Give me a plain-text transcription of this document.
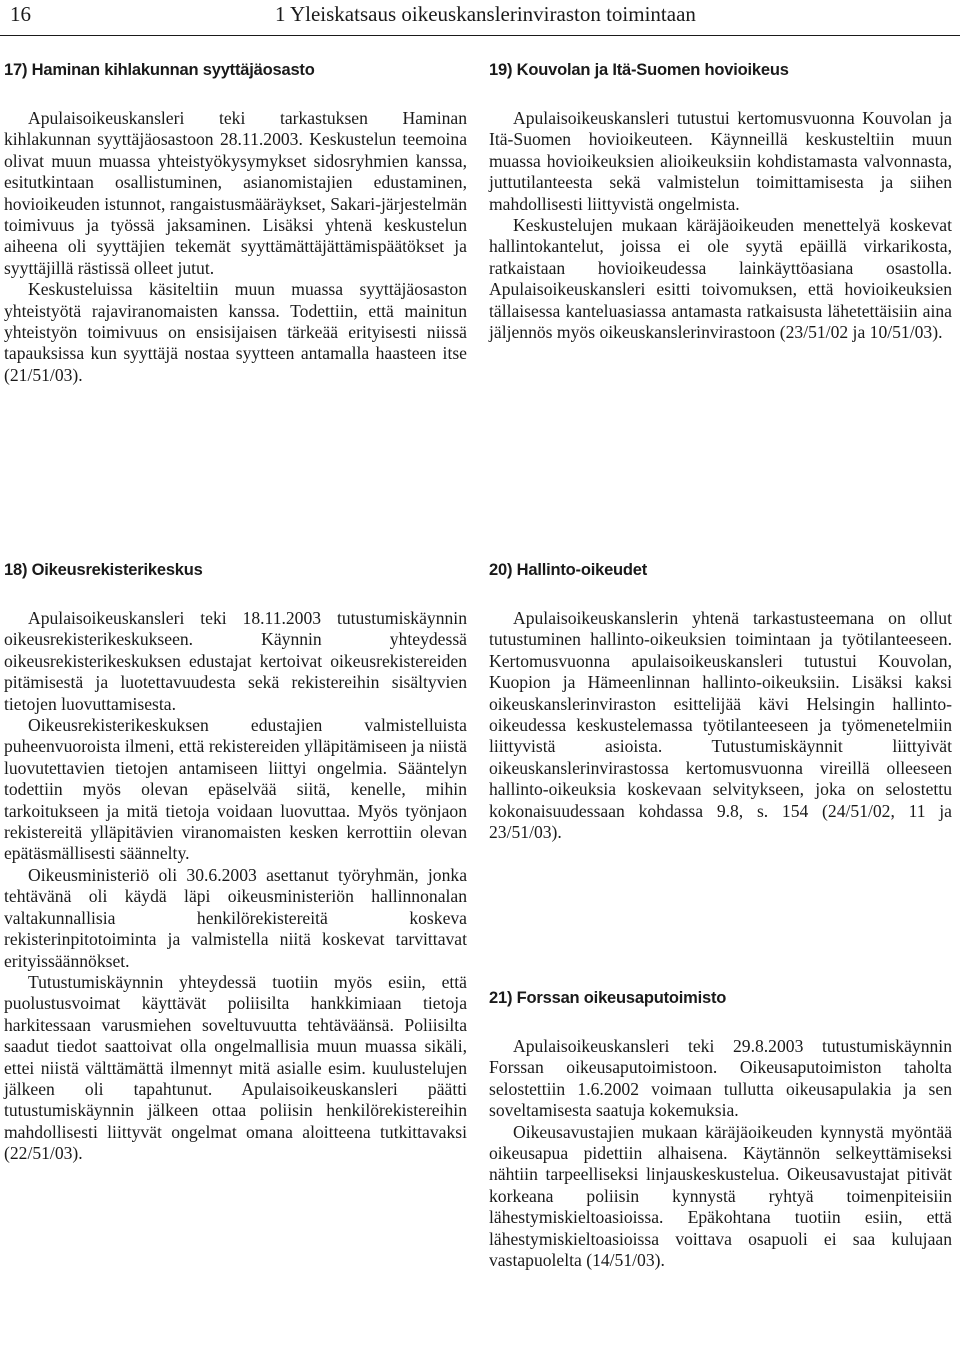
16	1 Yleiskatsaus oikeuskanslerinviraston toimintaan
17) Haminan kihlakunnan syyttäjäosasto

Apulaisoikeuskansleri teki tarkastuksen Haminan kihlakunnan syyttäjäosastoon 28.11.2003. Keskustelun teemoina olivat muun muassa yhteistyökysymykset sidosryhmien kanssa, esitutkintaan osallistuminen, asianomistajien edustaminen, hovioikeuden istunnot, rangaistusmääräykset, Sakari-järjestelmän toimivuus ja työssä jaksaminen. Lisäksi yhtenä keskustelun aiheena oli syyttäjien tekemät syyttämättäjättämispäätökset ja syyttäjillä rästissä olleet jutut.

Keskusteluissa käsiteltiin muun muassa syyttäjäosaston yhteistyötä rajaviranomaisten kanssa. Todettiin, että mainitun yhteistyön toimivuus on ensisijaisen tärkeää erityisesti niissä tapauksissa kun syyttäjä nostaa syytteen antamalla haasteen itse (21/51/03).

19) Kouvolan ja Itä-Suomen hovioikeus

Apulaisoikeuskansleri tutustui kertomusvuonna Kouvolan ja Itä-Suomen hovioikeuteen. Käynneillä keskusteltiin muun muassa hovioikeuksien alioikeuksiin kohdistamasta valvonnasta, juttutilanteesta sekä valmistelun toimittamisesta ja siihen mahdollisesti liittyvistä ongelmista.

Keskustelujen mukaan käräjäoikeuden menettelyä koskevat hallintokantelut, joissa ei ole syytä epäillä virkarikosta, ratkaistaan hovioikeudessa lainkäyttöasiana osastolla. Apulaisoikeuskansleri esitti toivomuksen, että hovioikeuksien tällaisessa kanteluasiassa antamasta ratkaisusta lähetettäisiin aina jäljennös myös oikeuskanslerinvirastoon (23/51/02 ja 10/51/03).

18) Oikeusrekisterikeskus

Apulaisoikeuskansleri teki 18.11.2003 tutustumiskäynnin oikeusrekisterikeskukseen. Käynnin yhteydessä oikeusrekisterikeskuksen edustajat kertoivat oikeusrekistereiden pitämisestä ja luotettavuudesta sekä rekistereihin sisältyvien tietojen luovuttamisesta.

Oikeusrekisterikeskuksen edustajien valmistelluista puheenvuoroista ilmeni, että rekistereiden ylläpitämiseen ja niistä luovutettavien tietojen antamiseen liittyi ongelmia. Sääntelyn todettiin myös olevan epäselvää siitä, kenelle, mihin tarkoitukseen ja mitä tietoja voidaan luovuttaa. Myös työnjaon rekistereitä ylläpitävien viranomaisten kesken kerrottiin olevan epätäsmällisesti säännelty.

Oikeusministeriö oli 30.6.2003 asettanut työryhmän, jonka tehtävänä oli käydä läpi oikeusministeriön hallinnonalan valtakunnallisia henkilörekistereitä koskeva rekisterinpitotoiminta ja valmistella niitä koskevat tarvittavat erityissäännökset.

Tutustumiskäynnin yhteydessä tuotiin myös esiin, että puolustusvoimat käyttävät poliisilta hankkimiaan tietoja harkitessaan varusmiehen soveltuvuutta tehtäväänsä. Poliisilta saadut tiedot saattoivat olla ongelmallisia muun muassa sikäli, ettei niistä välttämättä ilmennyt mitä asialle esim. kuulustelujen jälkeen oli tapahtunut. Apulaisoikeuskansleri päätti tutustumiskäynnin jälkeen ottaa poliisin henkilörekistereihin mahdollisesti liittyvät ongelmat omana aloitteena tutkittavaksi (22/51/03).

20) Hallinto-oikeudet

Apulaisoikeuskanslerin yhtenä tarkastusteemana on ollut tutustuminen hallinto-oikeuksien toimintaan ja työtilanteeseen. Kertomusvuonna apulaisoikeuskansleri tutustui Kouvolan, Kuopion ja Hämeenlinnan hallinto-oikeuksiin. Lisäksi kaksi oikeuskanslerinviraston esittelijää kävi Helsingin hallinto-oikeudessa keskustelemassa työtilanteeseen ja työmenetelmiin liittyvistä asioista. Tutustumiskäynnit liittyivät oikeuskanslerinvirastossa kertomusvuonna vireillä olleeseen hallinto-oikeuksia koskevaan selvitykseen, joka on selostettu kokonaisuudessaan kohdassa 9.8, s. 154 (24/51/02, 11 ja 23/51/03).

21) Forssan oikeusaputoimisto

Apulaisoikeuskansleri teki 29.8.2003 tutustumiskäynnin Forssan oikeusaputoimistoon. Oikeusaputoimiston taholta selostettiin 1.6.2002 voimaan tullutta oikeusapulakia ja sen soveltamisesta saatuja kokemuksia.

Oikeusavustajien mukaan käräjäoikeuden kynnystä myöntää oikeusapua pidettiin alhaisena. Käytännön selkeyttämiseksi nähtiin tarpeelliseksi linjauskeskustelua. Oikeusavustajat pitivät korkeana poliisin kynnystä ryhtyä toimenpiteisiin lähestymiskieltoasioissa. Epäkohtana tuotiin esiin, että lähestymiskieltoasioissa voittava osapuoli ei saa kulujaan vastapuolelta (14/51/03).
